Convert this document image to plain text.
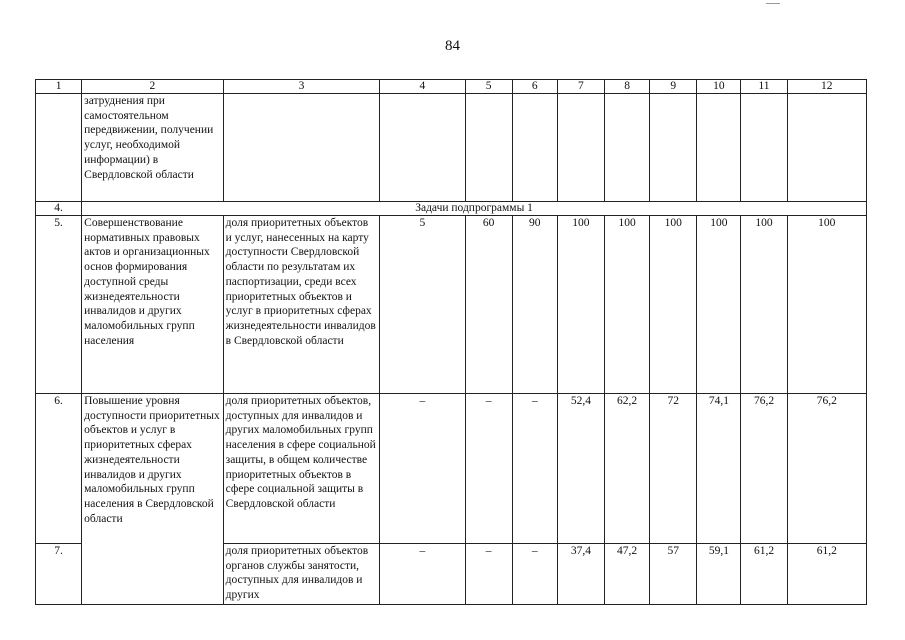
84
1	2	3	4	5	6	7	8	9	10	11	12
	затруднения при самостоятельном передвижении, получении услуг, необходимой информации) в Свердловской области										
4.	Задачи подпрограммы 1										
5.	Совершенствование нормативных правовых актов и организационных основ формирования доступной среды жизнедеятельности инвалидов и других маломобильных групп населения	доля приоритетных объектов и услуг, нанесенных на карту доступности Свердловской области по результатам их паспортизации, среди всех приоритетных объектов и услуг в приоритетных сферах жизнедеятельности инвалидов в Свердловской области	5	60	90	100	100	100	100	100	100
6.	Повышение уровня доступности приоритетных объектов и услуг в приоритетных сферах жизнедеятельности инвалидов и других маломобильных групп населения в Свердловской области	доля приоритетных объектов, доступных для инвалидов и других маломобильных групп населения в сфере социальной защиты, в общем количестве приоритетных объектов в сфере социальной защиты в Свердловской области	–	–	–	52,4	62,2	72	74,1	76,2	76,2
7.		доля приоритетных объектов органов службы занятости, доступных для инвалидов и других	–	–	–	37,4	47,2	57	59,1	61,2	61,2
